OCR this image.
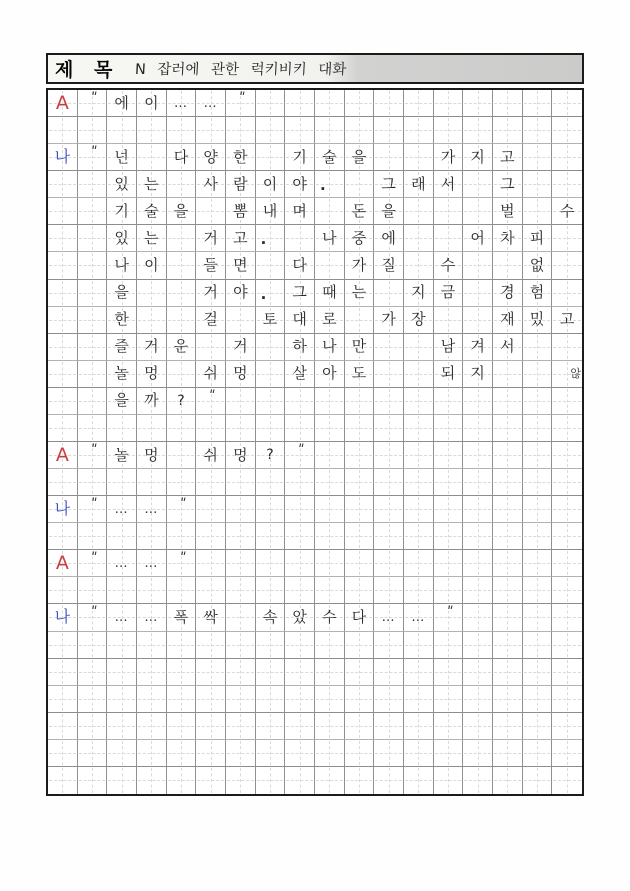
제 목 N 잡러에 관한 럭키비키 대화
A	"	에	이	…	…	"
나	"	넌	다	양	한	기	술	을	가	지	고
있	는	사	람	이	야 .	그	래	서	그
기	술	을	뽐	내	며	돈	을	벌	수
있	는	거	고 .	나	중	에	어	차	피
나	이	들	면	다	가	질	수	없
을	거	야 .	그	때	는	지	금	경	험
한	걸	토	대	로	가	장	재	밌	고
즐	거	운	거	하	나	만	남	겨	서
놀	멍	쉬	멍	살	아	도	되	지	않
을	까	?	"
A	"	놀	멍	쉬	멍	?	"
나	"	…	…	"
A	"	…	…	"
나	"	…	…	폭	싹	속	았	수	다	…	…	"
